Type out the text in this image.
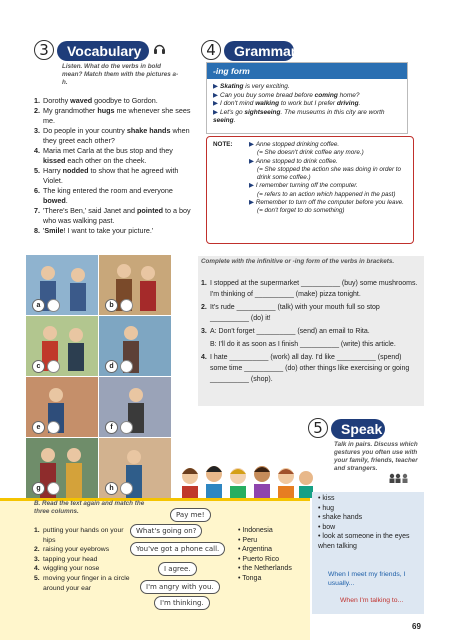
3	Vocabulary
Listen. What do the verbs in bold mean? Match them with the pictures a-h.
1. Dorothy waved goodbye to Gordon.
2. My grandmother hugs me whenever she sees me.
3. Do people in your country shake hands when they greet each other?
4. Maria met Carla at the bus stop and they kissed each other on the cheek.
5. Harry nodded to show that he agreed with Violet.
6. The king entered the room and everyone bowed.
7. 'There's Ben,' said Janet and pointed to a boy who was walking past.
8. 'Smile! I want to take your picture.'
4	Grammar
-ing form
▶ Skating is very exciting.
▶ Can you buy some bread before coming home?
▶ I don't mind walking to work but I prefer driving.
▶ Let's go sightseeing. The museums in this city are worth seeing.
NOTE:	▶ Anne stopped drinking coffee.
(= She doesn't drink coffee any more.)
▶ Anne stopped to drink coffee.
(= She stopped the action she was doing in order to drink some coffee.)
▶ I remember turning off the computer.
(= refers to an action which happened in the past)
▶ Remember to turn off the computer before you leave.
(= don't forget to do something)
Complete with the infinitive or -ing form of the verbs in brackets.
1. I stopped at the supermarket __________ (buy) some mushrooms. I'm thinking of __________ (make) pizza tonight.
2. It's rude __________ (talk) with your mouth full so stop __________ (do) it!
3. A: Don't forget __________ (send) an email to Rita.
B: I'll do it as soon as I finish __________ (write) this article.
4. I hate __________ (work) all day. I'd like __________ (spend) some time __________ (do) other things like exercising or going __________ (shop).
a	b
c	d
e	f
g	h
5	Speak
Talk in pairs. Discuss which gestures you often use with your family, friends, teacher and strangers.
B. Read the text again and match the three columns.
1. putting your hands on your hips
2. raising your eyebrows
3. tapping your head
4. wiggling your nose
5. moving your finger in a circle around your ear
Pay me!
What's going on?
You've got a phone call.
I agree.
I'm angry with you.
I'm thinking.
• Indonesia
• Peru
• Argentina
• Puerto Rico
• the Netherlands
• Tonga
• kiss
• hug
• shake hands
• bow
• look at someone in the eyes when talking
When I meet my friends, I usually...
When I'm talking to...
69
